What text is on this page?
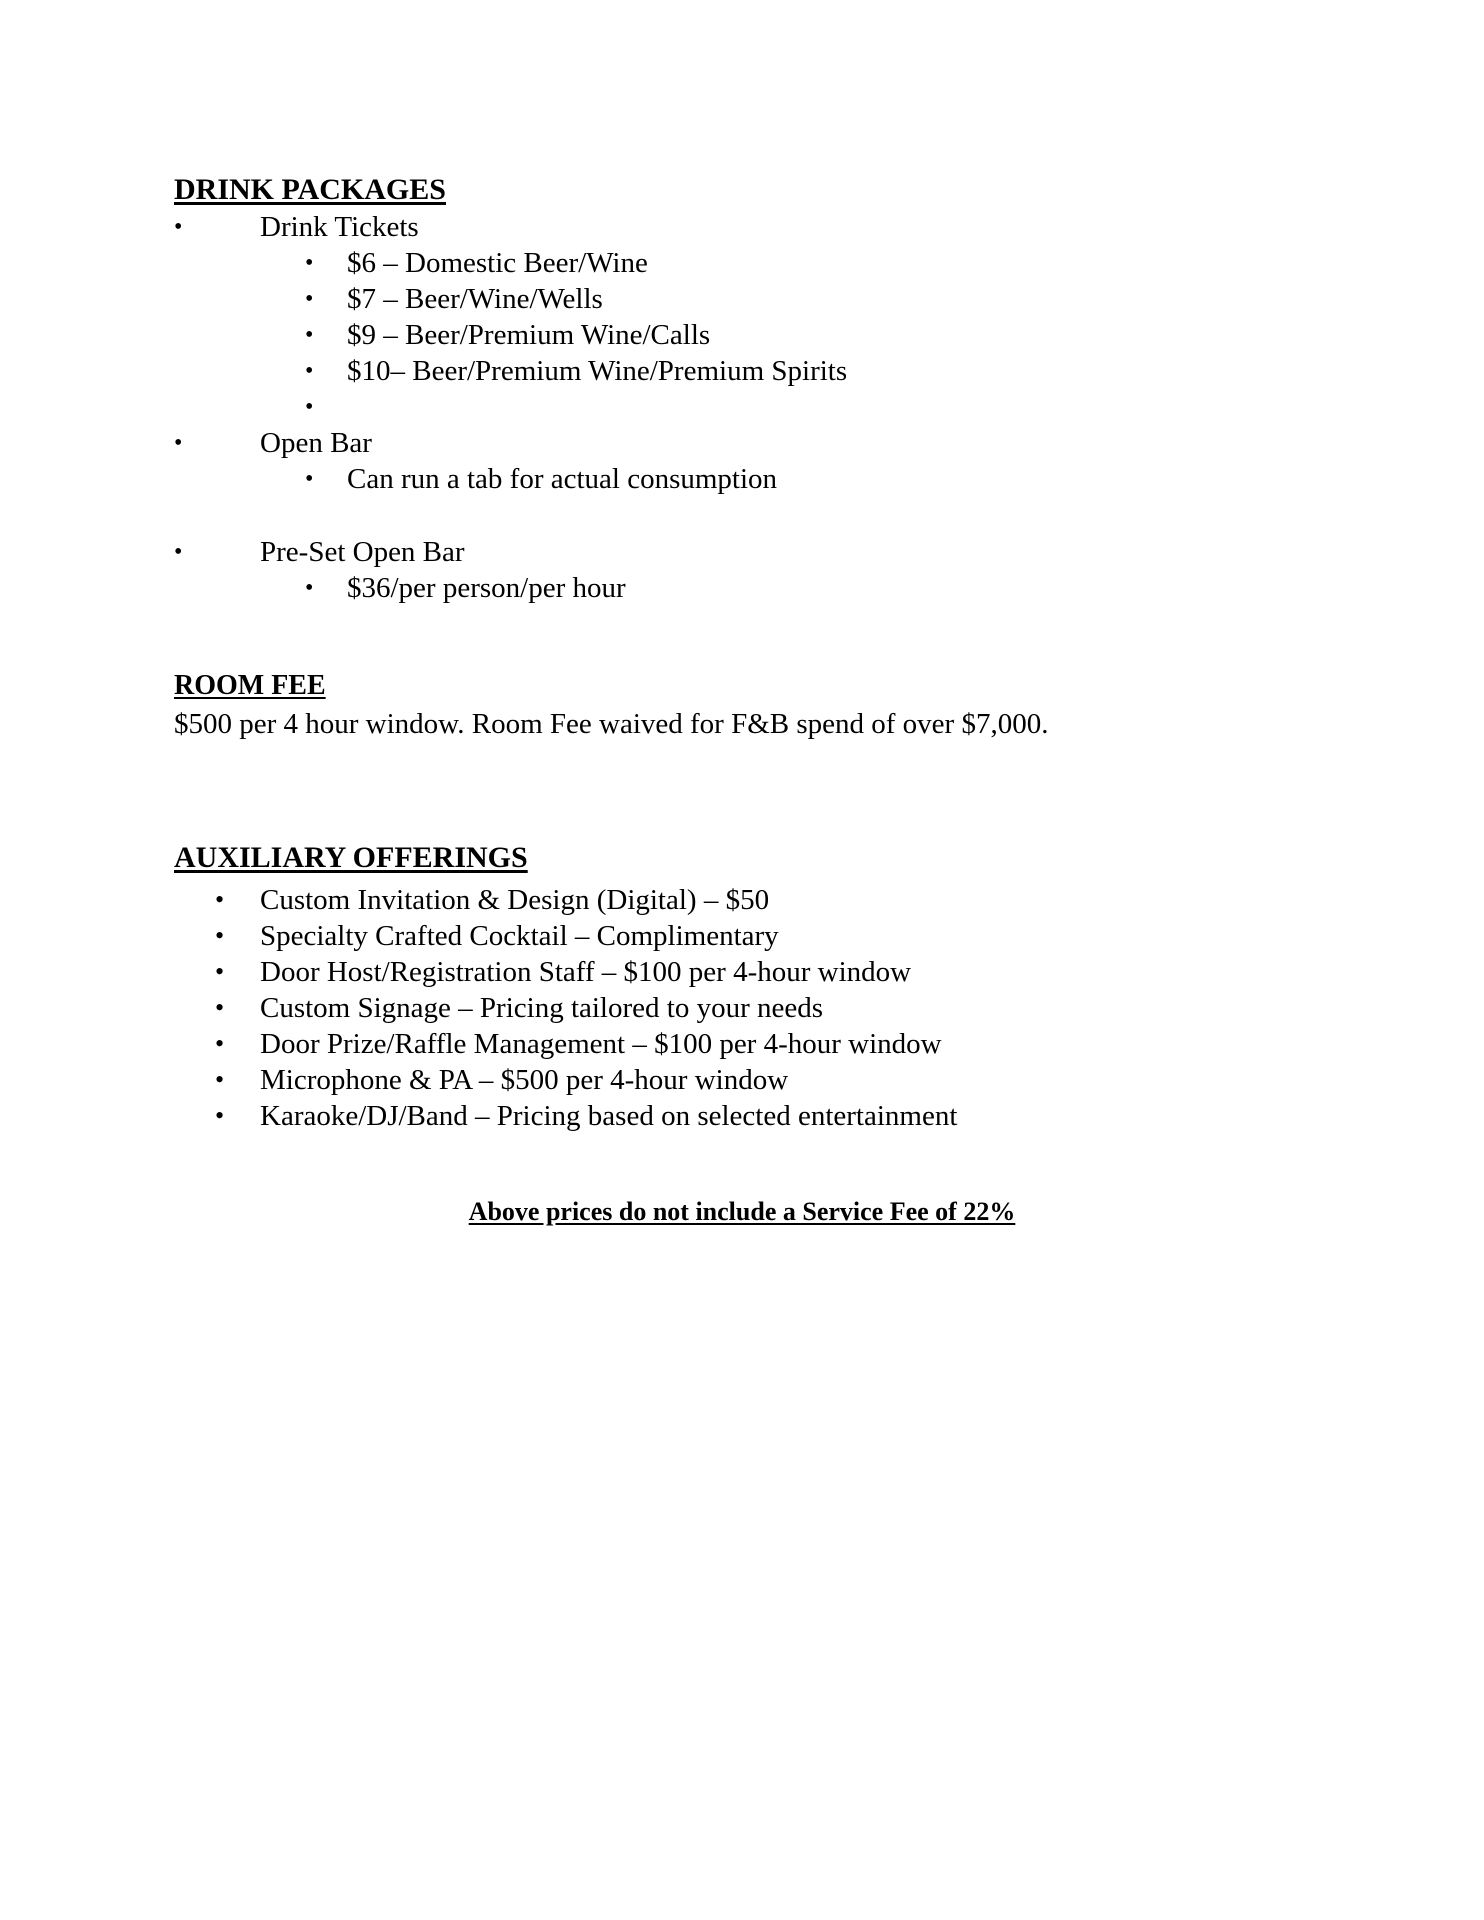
DRINK PACKAGES
•	Drink Tickets
• $6 – Domestic Beer/Wine
• $7 – Beer/Wine/Wells
• $9 – Beer/Premium Wine/Calls
• $10– Beer/Premium Wine/Premium Spirits
•
•	Open Bar
• Can run a tab for actual consumption
•	Pre-Set Open Bar
• $36/per person/per hour
ROOM FEE
$500 per 4 hour window. Room Fee waived for F&B spend of over $7,000.
AUXILIARY OFFERINGS
• Custom Invitation & Design (Digital) – $50
• Specialty Crafted Cocktail – Complimentary
• Door Host/Registration Staff – $100 per 4-hour window
• Custom Signage – Pricing tailored to your needs
• Door Prize/Raffle Management – $100 per 4-hour window
• Microphone & PA – $500 per 4-hour window
• Karaoke/DJ/Band – Pricing based on selected entertainment
Above prices do not include a Service Fee of 22%
